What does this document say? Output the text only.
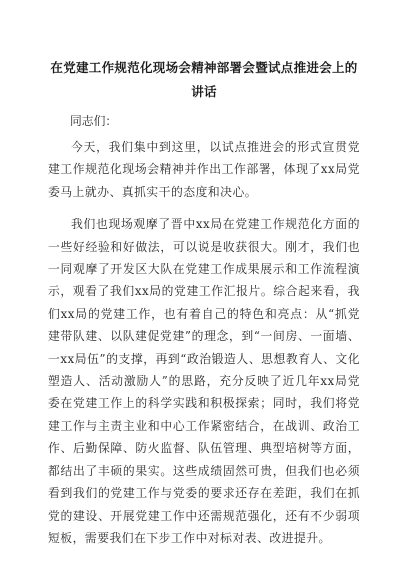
在党建工作规范化现场会精神部署会暨试点推进会上的讲话
同志们：

今天，我们集中到这里，以试点推进会的形式宣贯党建工作规范化现场会精神并作出工作部署，体现了xx局党委马上就办、真抓实干的态度和决心。

我们也现场观摩了晋中xx局在党建工作规范化方面的一些好经验和好做法，可以说是收获很大。刚才，我们也一同观摩了开发区大队在党建工作成果展示和工作流程演示，观看了我们xx局的党建工作汇报片。综合起来看，我们xx局的党建工作，也有着自己的特色和亮点：从“抓党建带队建、以队建促党建”的理念，到“一间房、一面墙、一xx局伍”的支撑，再到“政治锻造人、思想教育人、文化塑造人、活动激励人”的思路，充分反映了近几年xx局党委在党建工作上的科学实践和积极探索；同时，我们将党建工作与主责主业和中心工作紧密结合，在战训、政治工作、后勤保障、防火监督、队伍管理、典型培树等方面，都结出了丰硕的果实。这些成绩固然可贵，但我们也必须看到我们的党建工作与党委的要求还存在差距，我们在抓党的建设、开展党建工作中还需规范强化，还有不少弱项短板，需要我们在下步工作中对标对表、改进提升。
